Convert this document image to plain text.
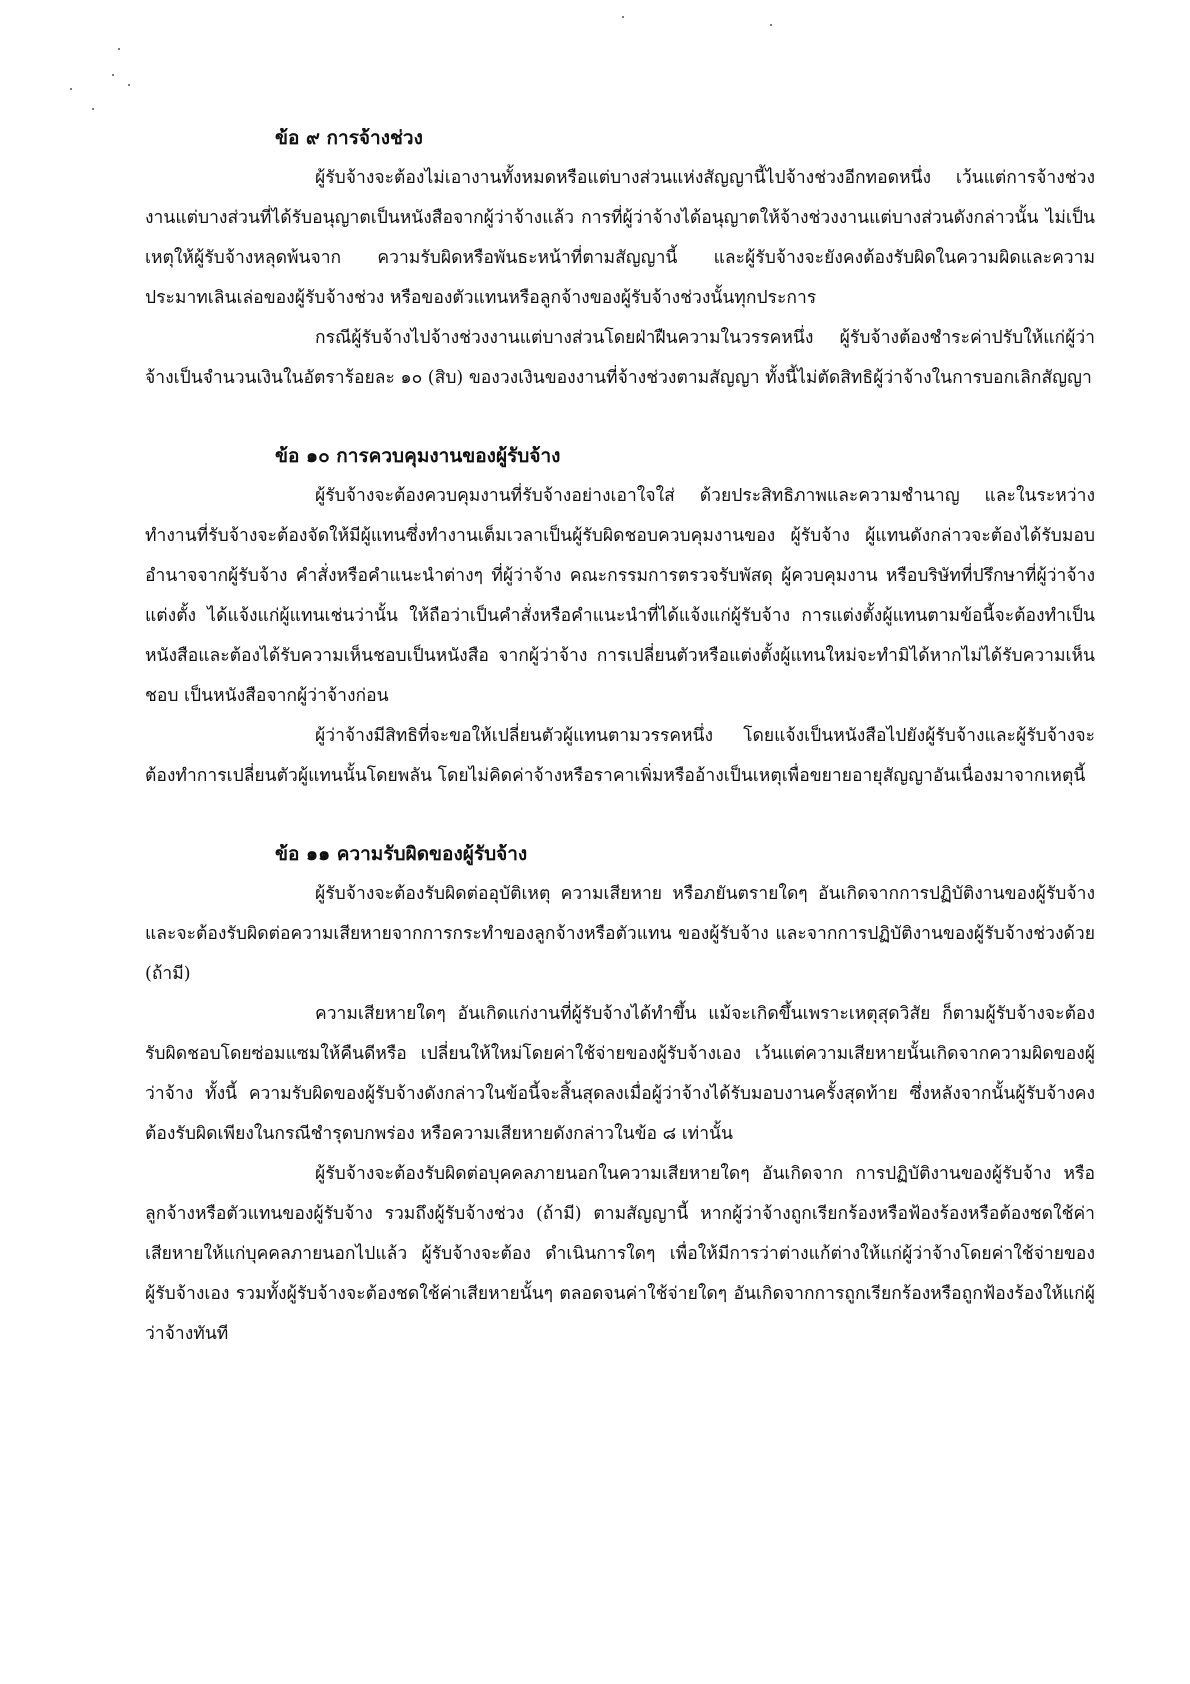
ข้อ ๙ การจ้างช่วง

ผู้รับจ้างจะต้องไม่เอางานทั้งหมดหรือแต่บางส่วนแห่งสัญญานี้ไปจ้างช่วงอีกทอดหนึ่ง เว้นแต่การจ้างช่วงงานแต่บางส่วนที่ได้รับอนุญาตเป็นหนังสือจากผู้ว่าจ้างแล้ว การที่ผู้ว่าจ้างได้อนุญาตให้จ้างช่วงงานแต่บางส่วนดังกล่าวนั้น ไม่เป็นเหตุให้ผู้รับจ้างหลุดพ้นจาก ความรับผิดหรือพันธะหน้าที่ตามสัญญานี้ และผู้รับจ้างจะยังคงต้องรับผิดในความผิดและความประมาทเลินเล่อของผู้รับจ้างช่วง หรือของตัวแทนหรือลูกจ้างของผู้รับจ้างช่วงนั้นทุกประการ

กรณีผู้รับจ้างไปจ้างช่วงงานแต่บางส่วนโดยฝ่าฝืนความในวรรคหนึ่ง ผู้รับจ้างต้องชำระค่าปรับให้แก่ผู้ว่าจ้างเป็นจำนวนเงินในอัตราร้อยละ ๑๐ (สิบ) ของวงเงินของงานที่จ้างช่วงตามสัญญา ทั้งนี้ไม่ตัดสิทธิผู้ว่าจ้างในการบอกเลิกสัญญา

ข้อ ๑๐ การควบคุมงานของผู้รับจ้าง

ผู้รับจ้างจะต้องควบคุมงานที่รับจ้างอย่างเอาใจใส่ ด้วยประสิทธิภาพและความชำนาญ และในระหว่างทำงานที่รับจ้างจะต้องจัดให้มีผู้แทนซึ่งทำงานเต็มเวลาเป็นผู้รับผิดชอบควบคุมงานของ ผู้รับจ้าง ผู้แทนดังกล่าวจะต้องได้รับมอบอำนาจจากผู้รับจ้าง คำสั่งหรือคำแนะนำต่างๆ ที่ผู้ว่าจ้าง คณะกรรมการตรวจรับพัสดุ ผู้ควบคุมงาน หรือบริษัทที่ปรึกษาที่ผู้ว่าจ้างแต่งตั้ง ได้แจ้งแก่ผู้แทนเช่นว่านั้น ให้ถือว่าเป็นคำสั่งหรือคำแนะนำที่ได้แจ้งแก่ผู้รับจ้าง การแต่งตั้งผู้แทนตามข้อนี้จะต้องทำเป็นหนังสือและต้องได้รับความเห็นชอบเป็นหนังสือ จากผู้ว่าจ้าง การเปลี่ยนตัวหรือแต่งตั้งผู้แทนใหม่จะทำมิได้หากไม่ได้รับความเห็นชอบ เป็นหนังสือจากผู้ว่าจ้างก่อน

ผู้ว่าจ้างมีสิทธิที่จะขอให้เปลี่ยนตัวผู้แทนตามวรรคหนึ่ง โดยแจ้งเป็นหนังสือไปยังผู้รับจ้างและผู้รับจ้างจะต้องทำการเปลี่ยนตัวผู้แทนนั้นโดยพลัน โดยไม่คิดค่าจ้างหรือราคาเพิ่มหรืออ้างเป็นเหตุเพื่อขยายอายุสัญญาอันเนื่องมาจากเหตุนี้

ข้อ ๑๑ ความรับผิดของผู้รับจ้าง

ผู้รับจ้างจะต้องรับผิดต่ออุบัติเหตุ ความเสียหาย หรือภยันตรายใดๆ อันเกิดจากการปฏิบัติงานของผู้รับจ้าง และจะต้องรับผิดต่อความเสียหายจากการกระทำของลูกจ้างหรือตัวแทน ของผู้รับจ้าง และจากการปฏิบัติงานของผู้รับจ้างช่วงด้วย (ถ้ามี)

ความเสียหายใดๆ อันเกิดแก่งานที่ผู้รับจ้างได้ทำขึ้น แม้จะเกิดขึ้นเพราะเหตุสุดวิสัย ก็ตามผู้รับจ้างจะต้องรับผิดชอบโดยซ่อมแซมให้คืนดีหรือ เปลี่ยนให้ใหม่โดยค่าใช้จ่ายของผู้รับจ้างเอง เว้นแต่ความเสียหายนั้นเกิดจากความผิดของผู้ว่าจ้าง ทั้งนี้ ความรับผิดของผู้รับจ้างดังกล่าวในข้อนี้จะสิ้นสุดลงเมื่อผู้ว่าจ้างได้รับมอบงานครั้งสุดท้าย ซึ่งหลังจากนั้นผู้รับจ้างคงต้องรับผิดเพียงในกรณีชำรุดบกพร่อง หรือความเสียหายดังกล่าวในข้อ ๘ เท่านั้น

ผู้รับจ้างจะต้องรับผิดต่อบุคคลภายนอกในความเสียหายใดๆ อันเกิดจาก การปฏิบัติงานของผู้รับจ้าง หรือลูกจ้างหรือตัวแทนของผู้รับจ้าง รวมถึงผู้รับจ้างช่วง (ถ้ามี) ตามสัญญานี้ หากผู้ว่าจ้างถูกเรียกร้องหรือฟ้องร้องหรือต้องชดใช้ค่าเสียหายให้แก่บุคคลภายนอกไปแล้ว ผู้รับจ้างจะต้อง ดำเนินการใดๆ เพื่อให้มีการว่าต่างแก้ต่างให้แก่ผู้ว่าจ้างโดยค่าใช้จ่ายของผู้รับจ้างเอง รวมทั้งผู้รับจ้างจะต้องชดใช้ค่าเสียหายนั้นๆ ตลอดจนค่าใช้จ่ายใดๆ อันเกิดจากการถูกเรียกร้องหรือถูกฟ้องร้องให้แก่ผู้ว่าจ้างทันที
